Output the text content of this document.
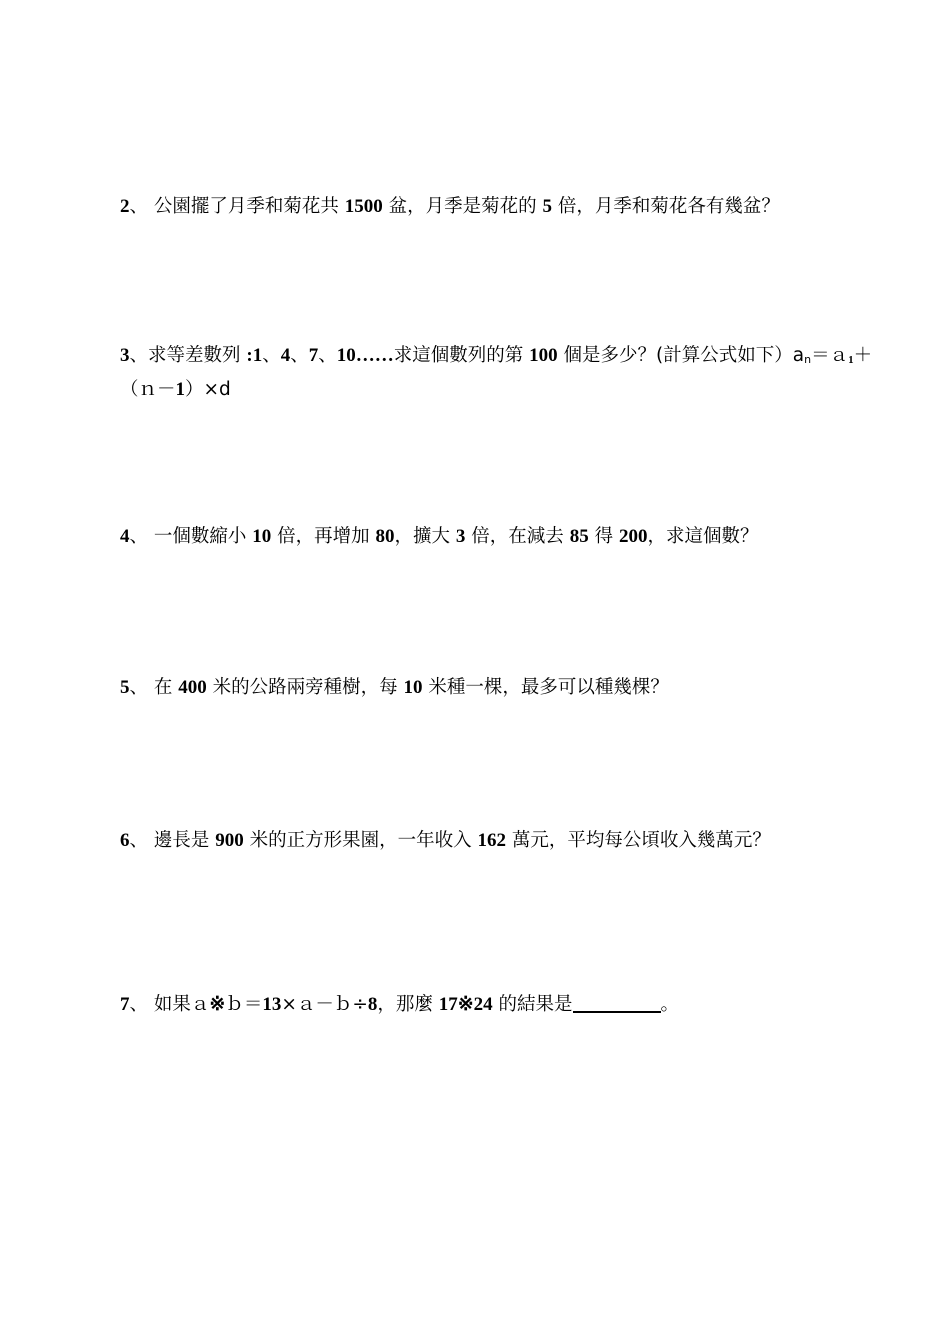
2、 公園擺了月季和菊花共 1500 盆，月季是菊花的 5 倍，月季和菊花各有幾盆？
3、求等差數列 :1、4、7、10……求這個數列的第 100 個是多少？(計算公式如下）an＝ａ1＋（ｎ－1）×d
4、 一個數縮小 10 倍，再增加 80，擴大 3 倍，在減去 85 得 200，求這個數？
5、 在 400 米的公路兩旁種樹，每 10 米種一棵，最多可以種幾棵？
6、 邊長是 900 米的正方形果園，一年收入 162 萬元，平均每公頃收入幾萬元？
7、 如果ａ※ｂ＝13×ａ－ｂ÷8，那麼 17※24 的結果是	。
